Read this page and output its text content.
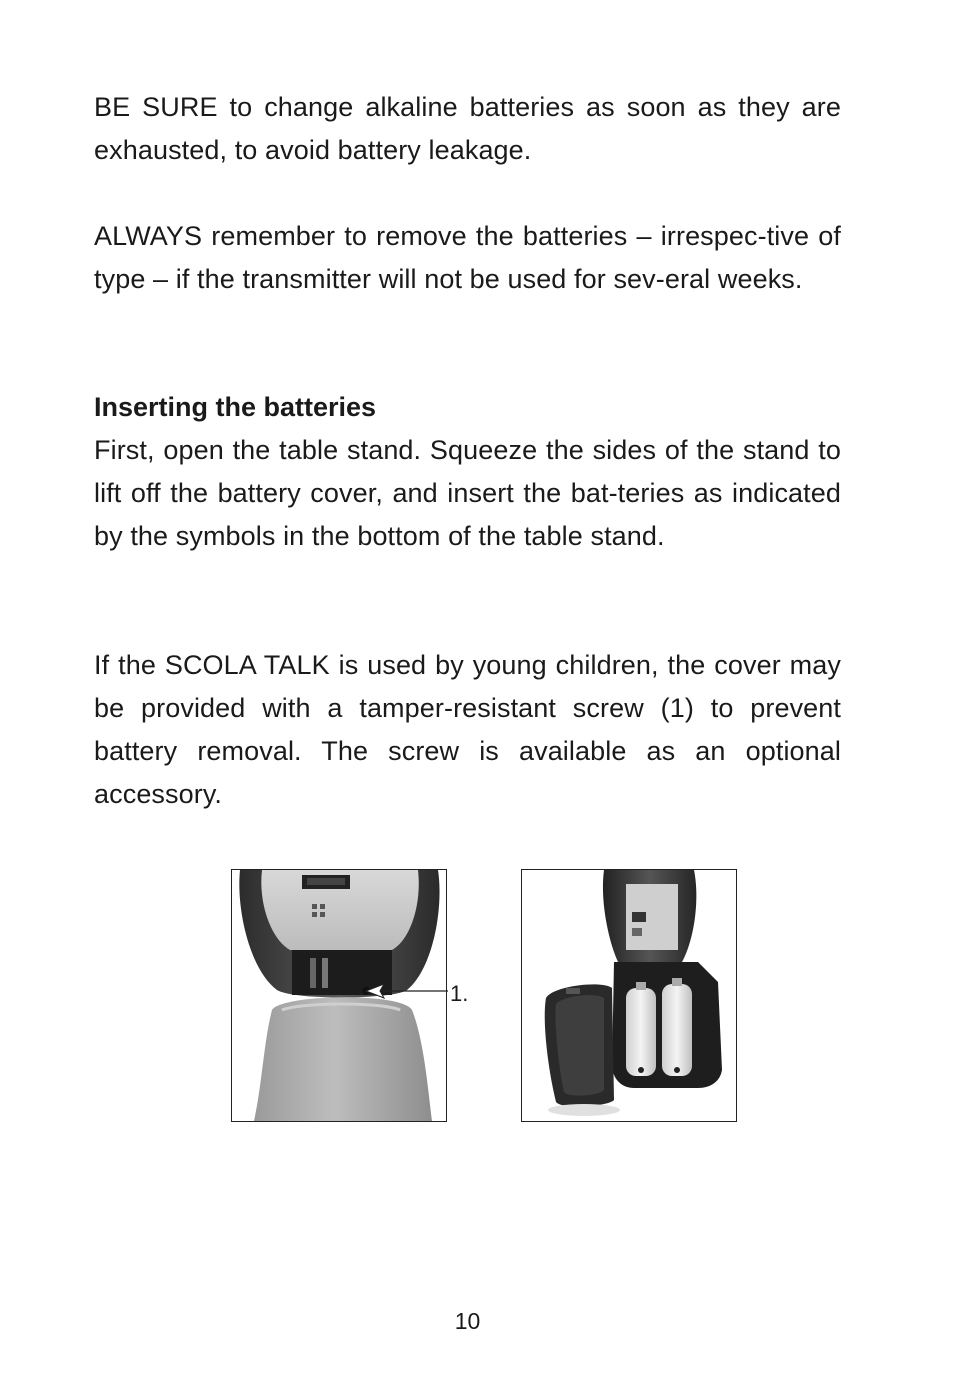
BE SURE to change alkaline batteries as soon as they are exhausted, to avoid battery leakage.

ALWAYS remember to remove the batteries – irrespec-tive of type – if the transmitter will not be used for sev-eral weeks.

Inserting the batteries

First, open the table stand. Squeeze the sides of the stand to lift off the battery cover, and insert the bat-teries as indicated by the symbols in the bottom of the table stand.

If the SCOLA TALK is used by young children, the cover may be provided with a tamper-resistant screw (1) to prevent battery removal. The screw is available as an optional accessory.

1.
10
